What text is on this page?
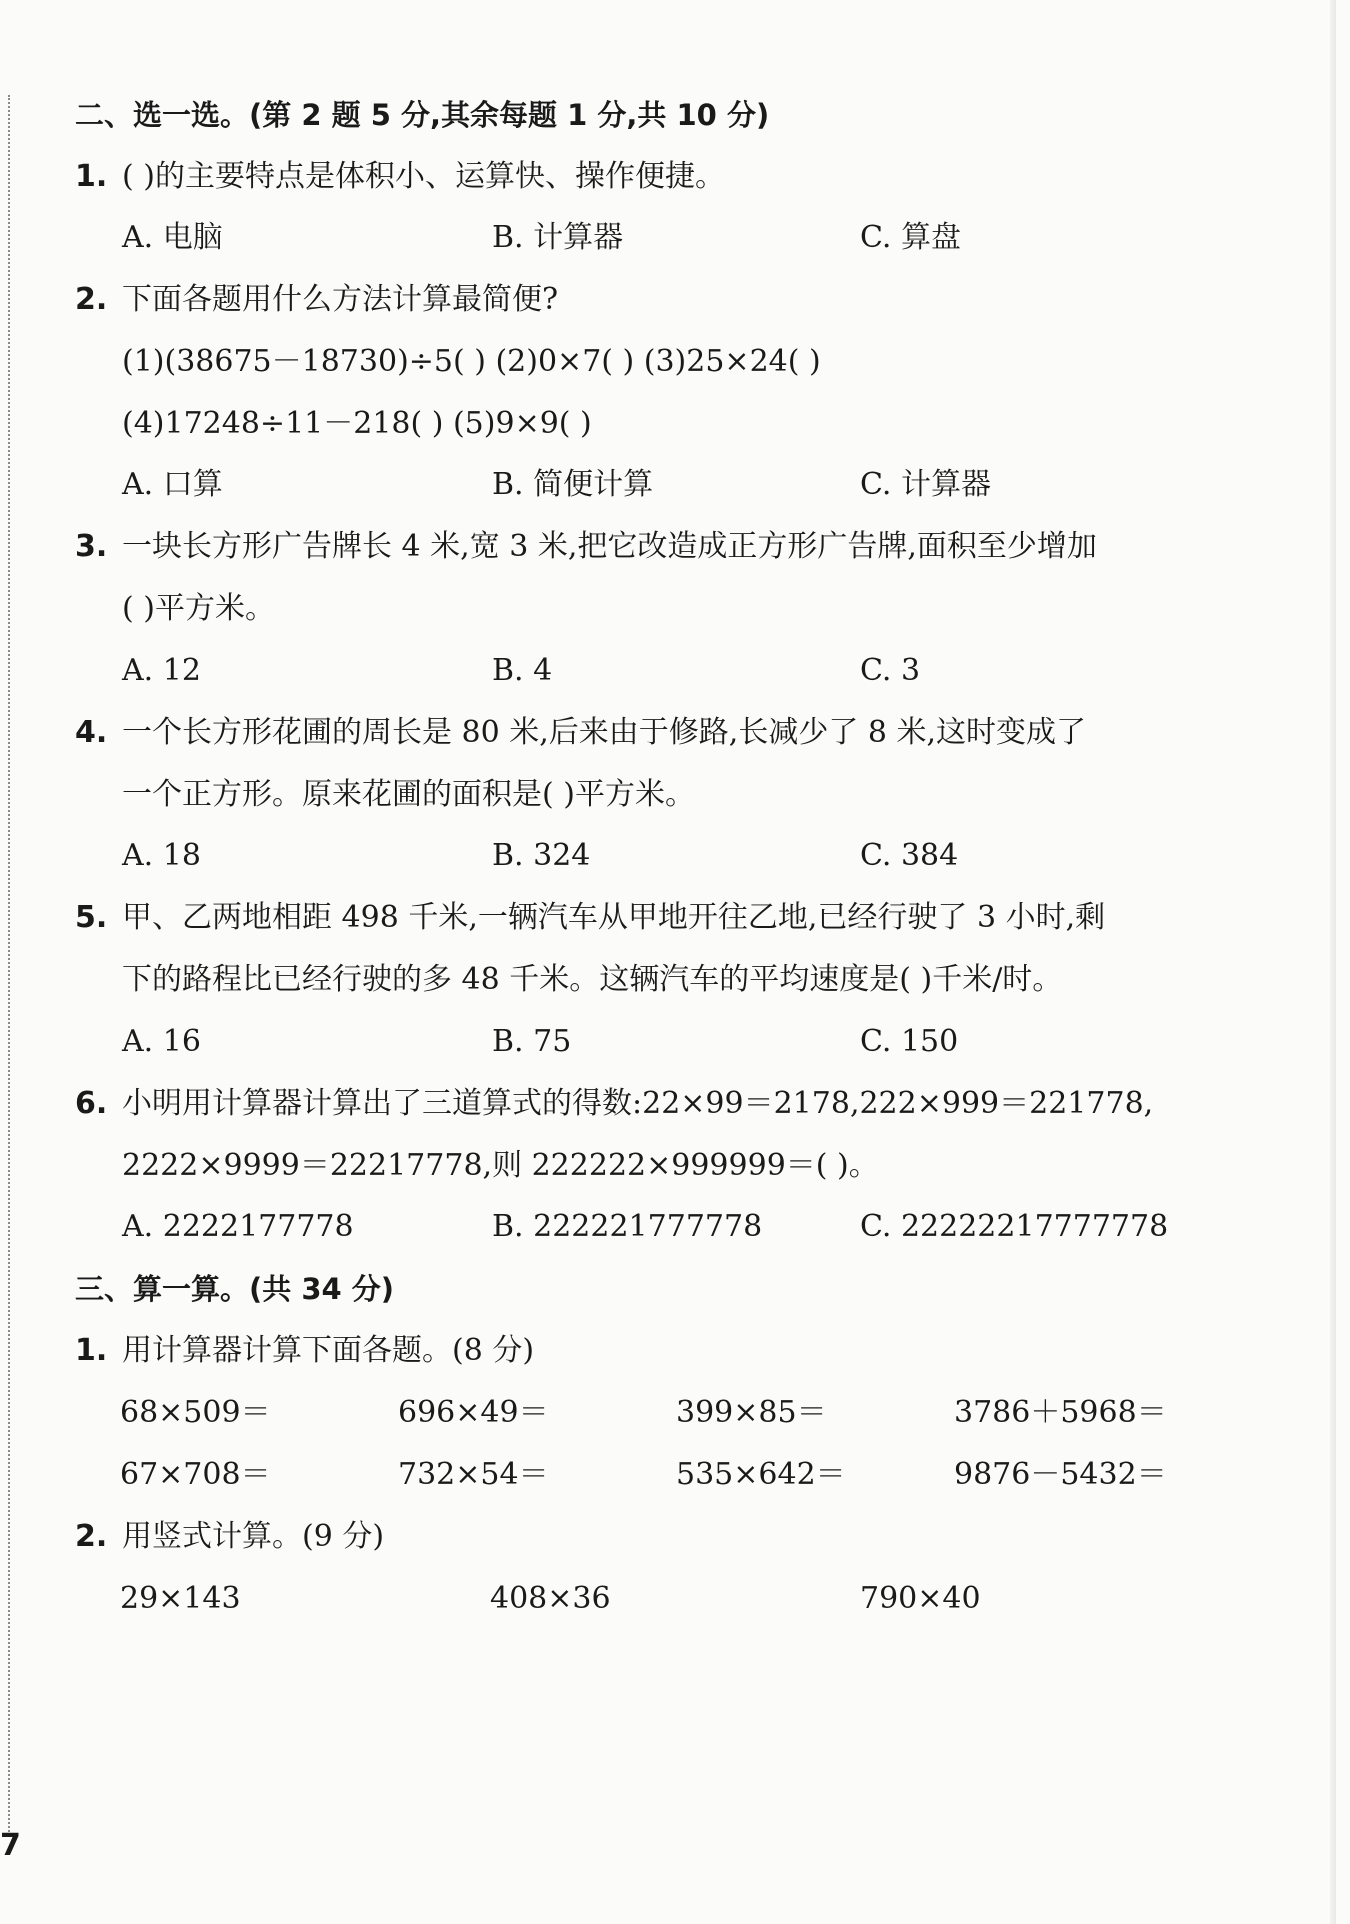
二、选一选。(第 2 题 5 分,其余每题 1 分,共 10 分)
1. ( )的主要特点是体积小、运算快、操作便捷。
A. 电脑	B. 计算器	C. 算盘
2. 下面各题用什么方法计算最简便?
(1)(38675－18730)÷5( ) (2)0×7( ) (3)25×24( )
(4)17248÷11－218( ) (5)9×9( )
A. 口算	B. 简便计算	C. 计算器
3. 一块长方形广告牌长 4 米,宽 3 米,把它改造成正方形广告牌,面积至少增加
( )平方米。
A. 12	B. 4	C. 3
4. 一个长方形花圃的周长是 80 米,后来由于修路,长减少了 8 米,这时变成了
一个正方形。原来花圃的面积是( )平方米。
A. 18	B. 324	C. 384
5. 甲、乙两地相距 498 千米,一辆汽车从甲地开往乙地,已经行驶了 3 小时,剩
下的路程比已经行驶的多 48 千米。这辆汽车的平均速度是( )千米/时。
A. 16	B. 75	C. 150
6. 小明用计算器计算出了三道算式的得数:22×99＝2178,222×999＝221778,
2222×9999＝22217778,则 222222×999999＝( )。
A. 2222177778	B. 222221777778	C. 22222217777778
三、算一算。(共 34 分)
1. 用计算器计算下面各题。(8 分)
68×509＝	696×49＝	399×85＝	3786＋5968＝
67×708＝	732×54＝	535×642＝	9876－5432＝
2. 用竖式计算。(9 分)
29×143	408×36	790×40
7
